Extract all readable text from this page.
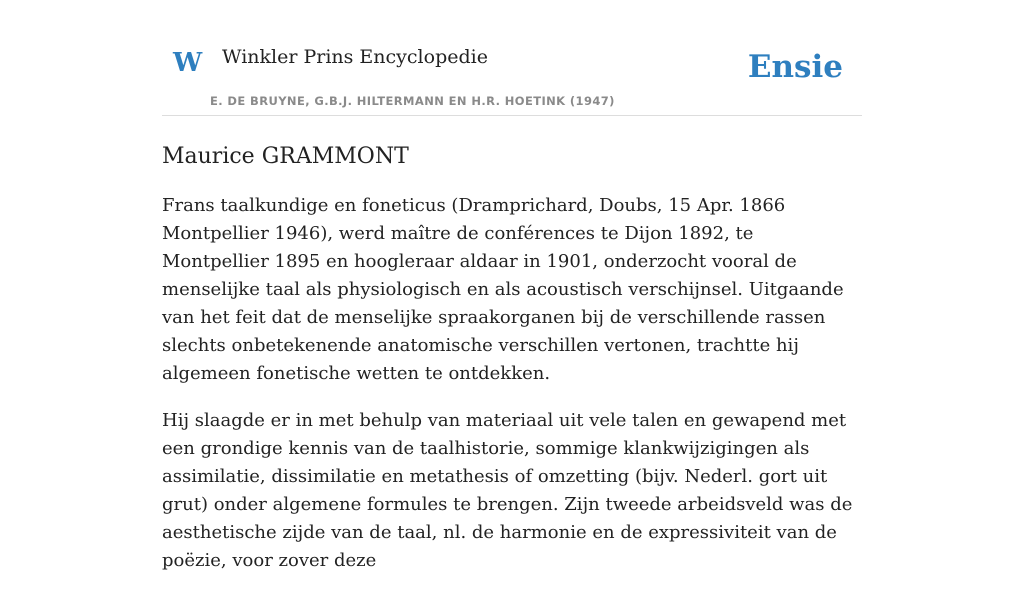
W Winkler Prins Encyclopedie
E. DE BRUYNE, G.B.J. HILTERMANN EN H.R. HOETINK (1947)
Ensie
Maurice GRAMMONT

Frans taalkundige en foneticus (Dramprichard, Doubs, 15 Apr. 1866 Montpellier 1946), werd maître de conférences te Dijon 1892, te Montpellier 1895 en hoogleraar aldaar in 1901, onderzocht vooral de menselijke taal als physiologisch en als acoustisch verschijnsel. Uitgaande van het feit dat de menselijke spraakorganen bij de verschillende rassen slechts onbetekenende anatomische verschillen vertonen, trachtte hij algemeen fonetische wetten te ontdekken.

Hij slaagde er in met behulp van materiaal uit vele talen en gewapend met een grondige kennis van de taalhistorie, sommige klankwijzigingen als assimilatie, dissimilatie en metathesis of omzetting (bijv. Nederl. gort uit grut) onder algemene formules te brengen. Zijn tweede arbeidsveld was de aesthetische zijde van de taal, nl. de harmonie en de expressiviteit van de poëzie, voor zover deze
